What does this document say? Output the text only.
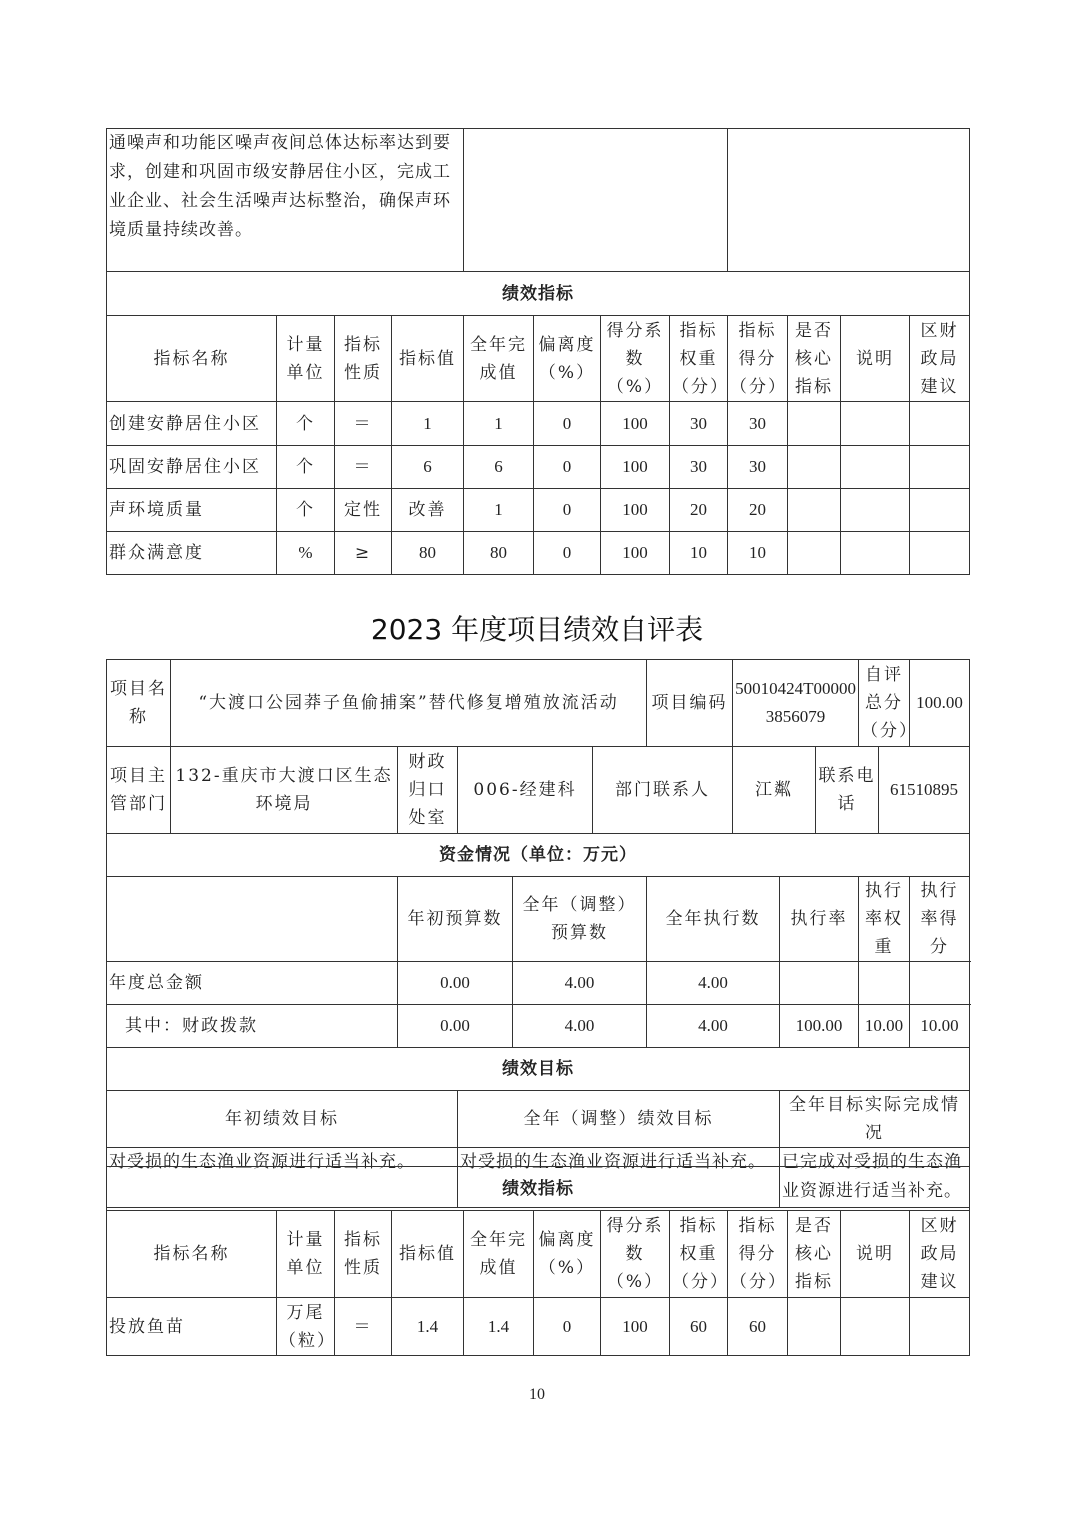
通噪声和功能区噪声夜间总体达标率达到要求，创建和巩固市级安静居住小区，完成工业企业、社会生活噪声达标整治，确保声环境质量持续改善。											
绩效指标											
指标名称	计量单位	指标性质	指标值	全年完成值	偏离度（%）	得分系数（%）	指标权重（分）	指标得分（分）	是否核心指标	说明	区财政局建议
创建安静居住小区	个	＝	1	1	0	100	30	30			
巩固安静居住小区	个	＝	6	6	0	100	30	30			
声环境质量	个	定性	改善	1	0	100	20	20			
群众满意度	%	≥	80	80	0	100	10	10			
2023 年度项目绩效自评表
项目名称	“大渡口公园莽子鱼偷捕案”替代修复增殖放流活动					项目编码	50010424T000003856079			自评总分（分）		100.00
项目主管部门	132-重庆市大渡口区生态环境局	财政归口处室	006-经建科		部门联系人		江粼		联系电话		61510895	
资金情况（单位：万元）												
		年初预算数		全年（调整）预算数		全年执行数		执行率		执行率权重		执行率得分
年度总金额		0.00		4.00		4.00						
其中：财政拨款		0.00		4.00		4.00		100.00		10.00		10.00
绩效目标												
年初绩效目标			全年（调整）绩效目标					全年目标实际完成情况				
对受损的生态渔业资源进行适当补充。			对受损的生态渔业资源进行适当补充。					已完成对受损的生态渔业资源进行适当补充。				
绩效指标											
指标名称	计量单位	指标性质	指标值	全年完成值	偏离度（%）	得分系数（%）	指标权重（分）	指标得分（分）	是否核心指标	说明	区财政局建议
投放鱼苗	万尾（粒）	＝	1.4	1.4	0	100	60	60			
10
